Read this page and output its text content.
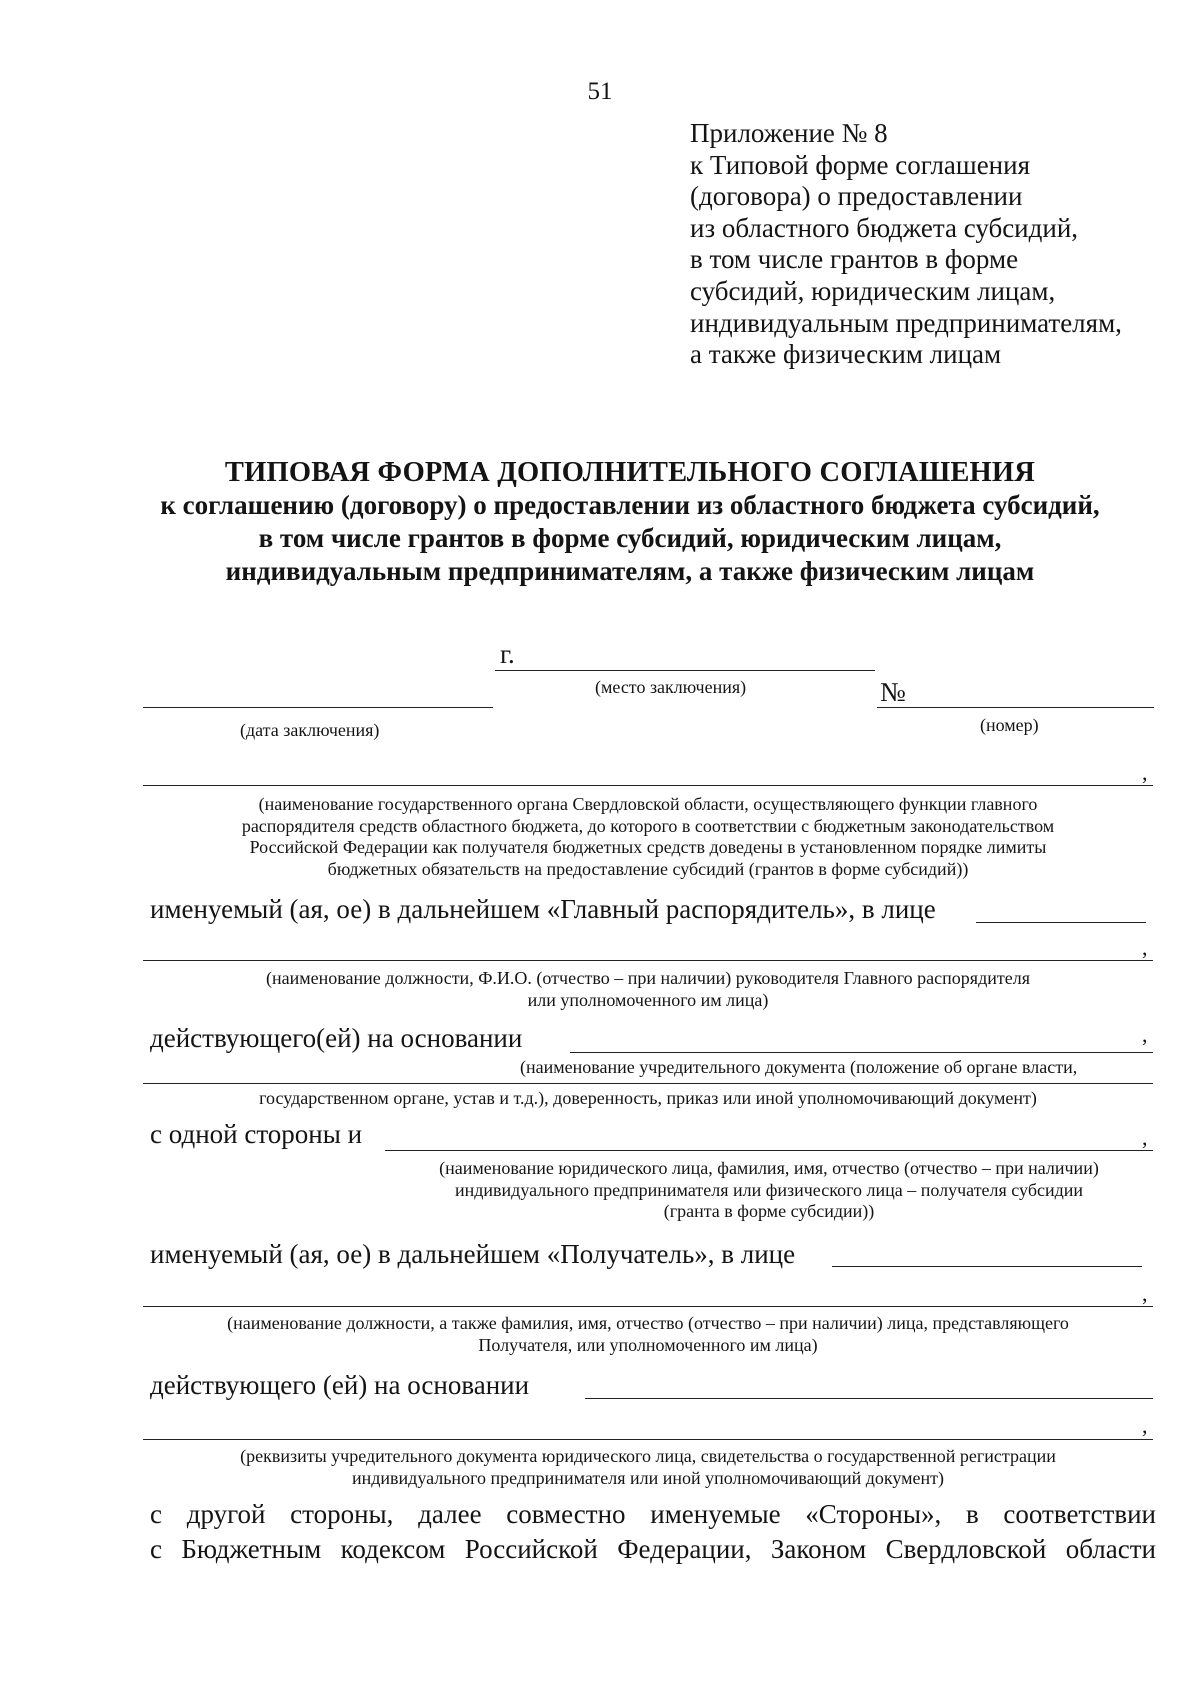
51
Приложение № 8
к Типовой форме соглашения
(договора) о предоставлении
из областного бюджета субсидий,
в том числе грантов в форме
субсидий, юридическим лицам,
индивидуальным предпринимателям,
а также физическим лицам
ТИПОВАЯ ФОРМА ДОПОЛНИТЕЛЬНОГО СОГЛАШЕНИЯ
к соглашению (договору) о предоставлении из областного бюджета субсидий,
в том числе грантов в форме субсидий, юридическим лицам,
индивидуальным предпринимателям, а также физическим лицам
г.
(место заключения)	№
(дата заключения)	(номер)
,
(наименование государственного органа Свердловской области, осуществляющего функции главного
распорядителя средств областного бюджета, до которого в соответствии с бюджетным законодательством
Российской Федерации как получателя бюджетных средств доведены в установленном порядке лимиты
бюджетных обязательств на предоставление субсидий (грантов в форме субсидий))
именуемый (ая, ое) в дальнейшем «Главный распорядитель», в лице
,
(наименование должности, Ф.И.О. (отчество – при наличии) руководителя Главного распорядителя
или уполномоченного им лица)
действующего(ей) на основании	,
(наименование учредительного документа (положение об органе власти,
государственном органе, устав и т.д.), доверенность, приказ или иной уполномочивающий документ)
с одной стороны и	,
(наименование юридического лица, фамилия, имя, отчество (отчество – при наличии)
индивидуального предпринимателя или физического лица – получателя субсидии
(гранта в форме субсидии))
именуемый (ая, ое) в дальнейшем «Получатель», в лице
,
(наименование должности, а также фамилия, имя, отчество (отчество – при наличии) лица, представляющего
Получателя, или уполномоченного им лица)
действующего (ей) на основании
,
(реквизиты учредительного документа юридического лица, свидетельства о государственной регистрации
индивидуального предпринимателя или иной уполномочивающий документ)
с другой стороны, далее совместно именуемые «Стороны», в соответствии
с Бюджетным кодексом Российской Федерации, Законом Свердловской области
